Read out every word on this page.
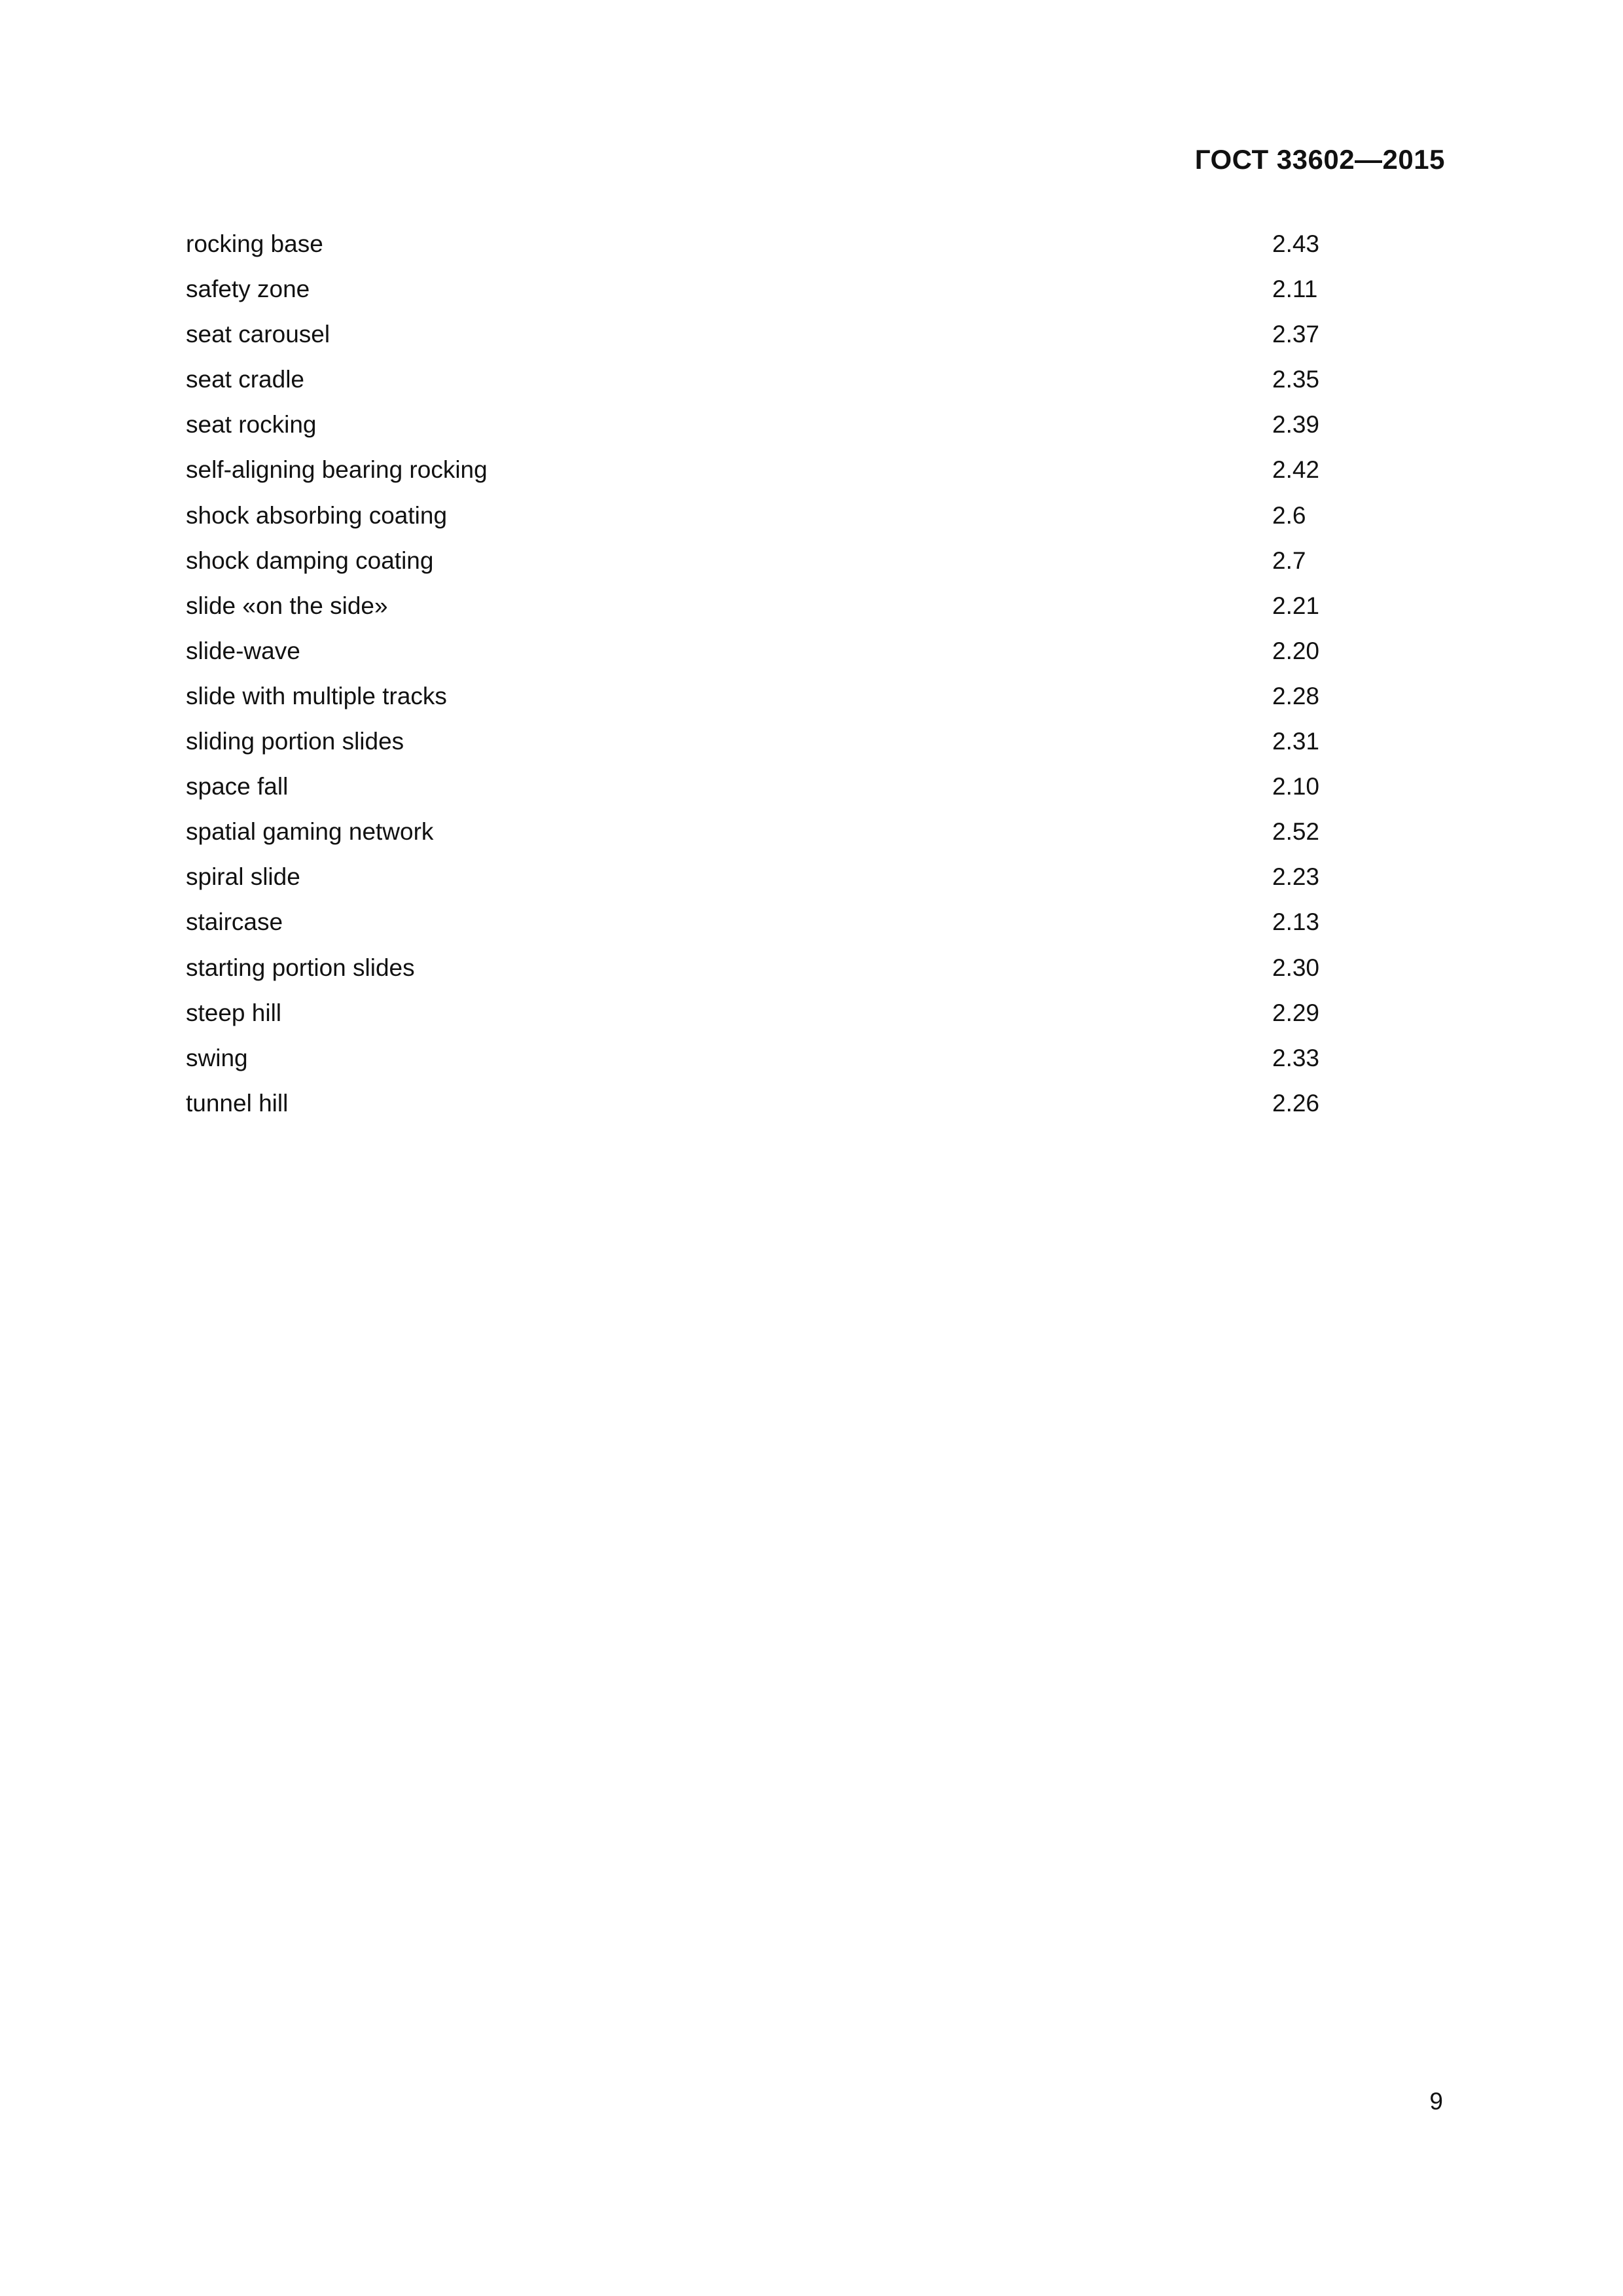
ГОСТ 33602—2015
rocking base	2.43
safety zone	2.11
seat carousel	2.37
seat cradle	2.35
seat rocking	2.39
self-aligning bearing rocking	2.42
shock absorbing coating	2.6
shock damping coating	2.7
slide «on the side»	2.21
slide-wave	2.20
slide with multiple tracks	2.28
sliding portion slides	2.31
space fall	2.10
spatial gaming network	2.52
spiral slide	2.23
staircase	2.13
starting portion slides	2.30
steep hill	2.29
swing	2.33
tunnel hill	2.26
9
